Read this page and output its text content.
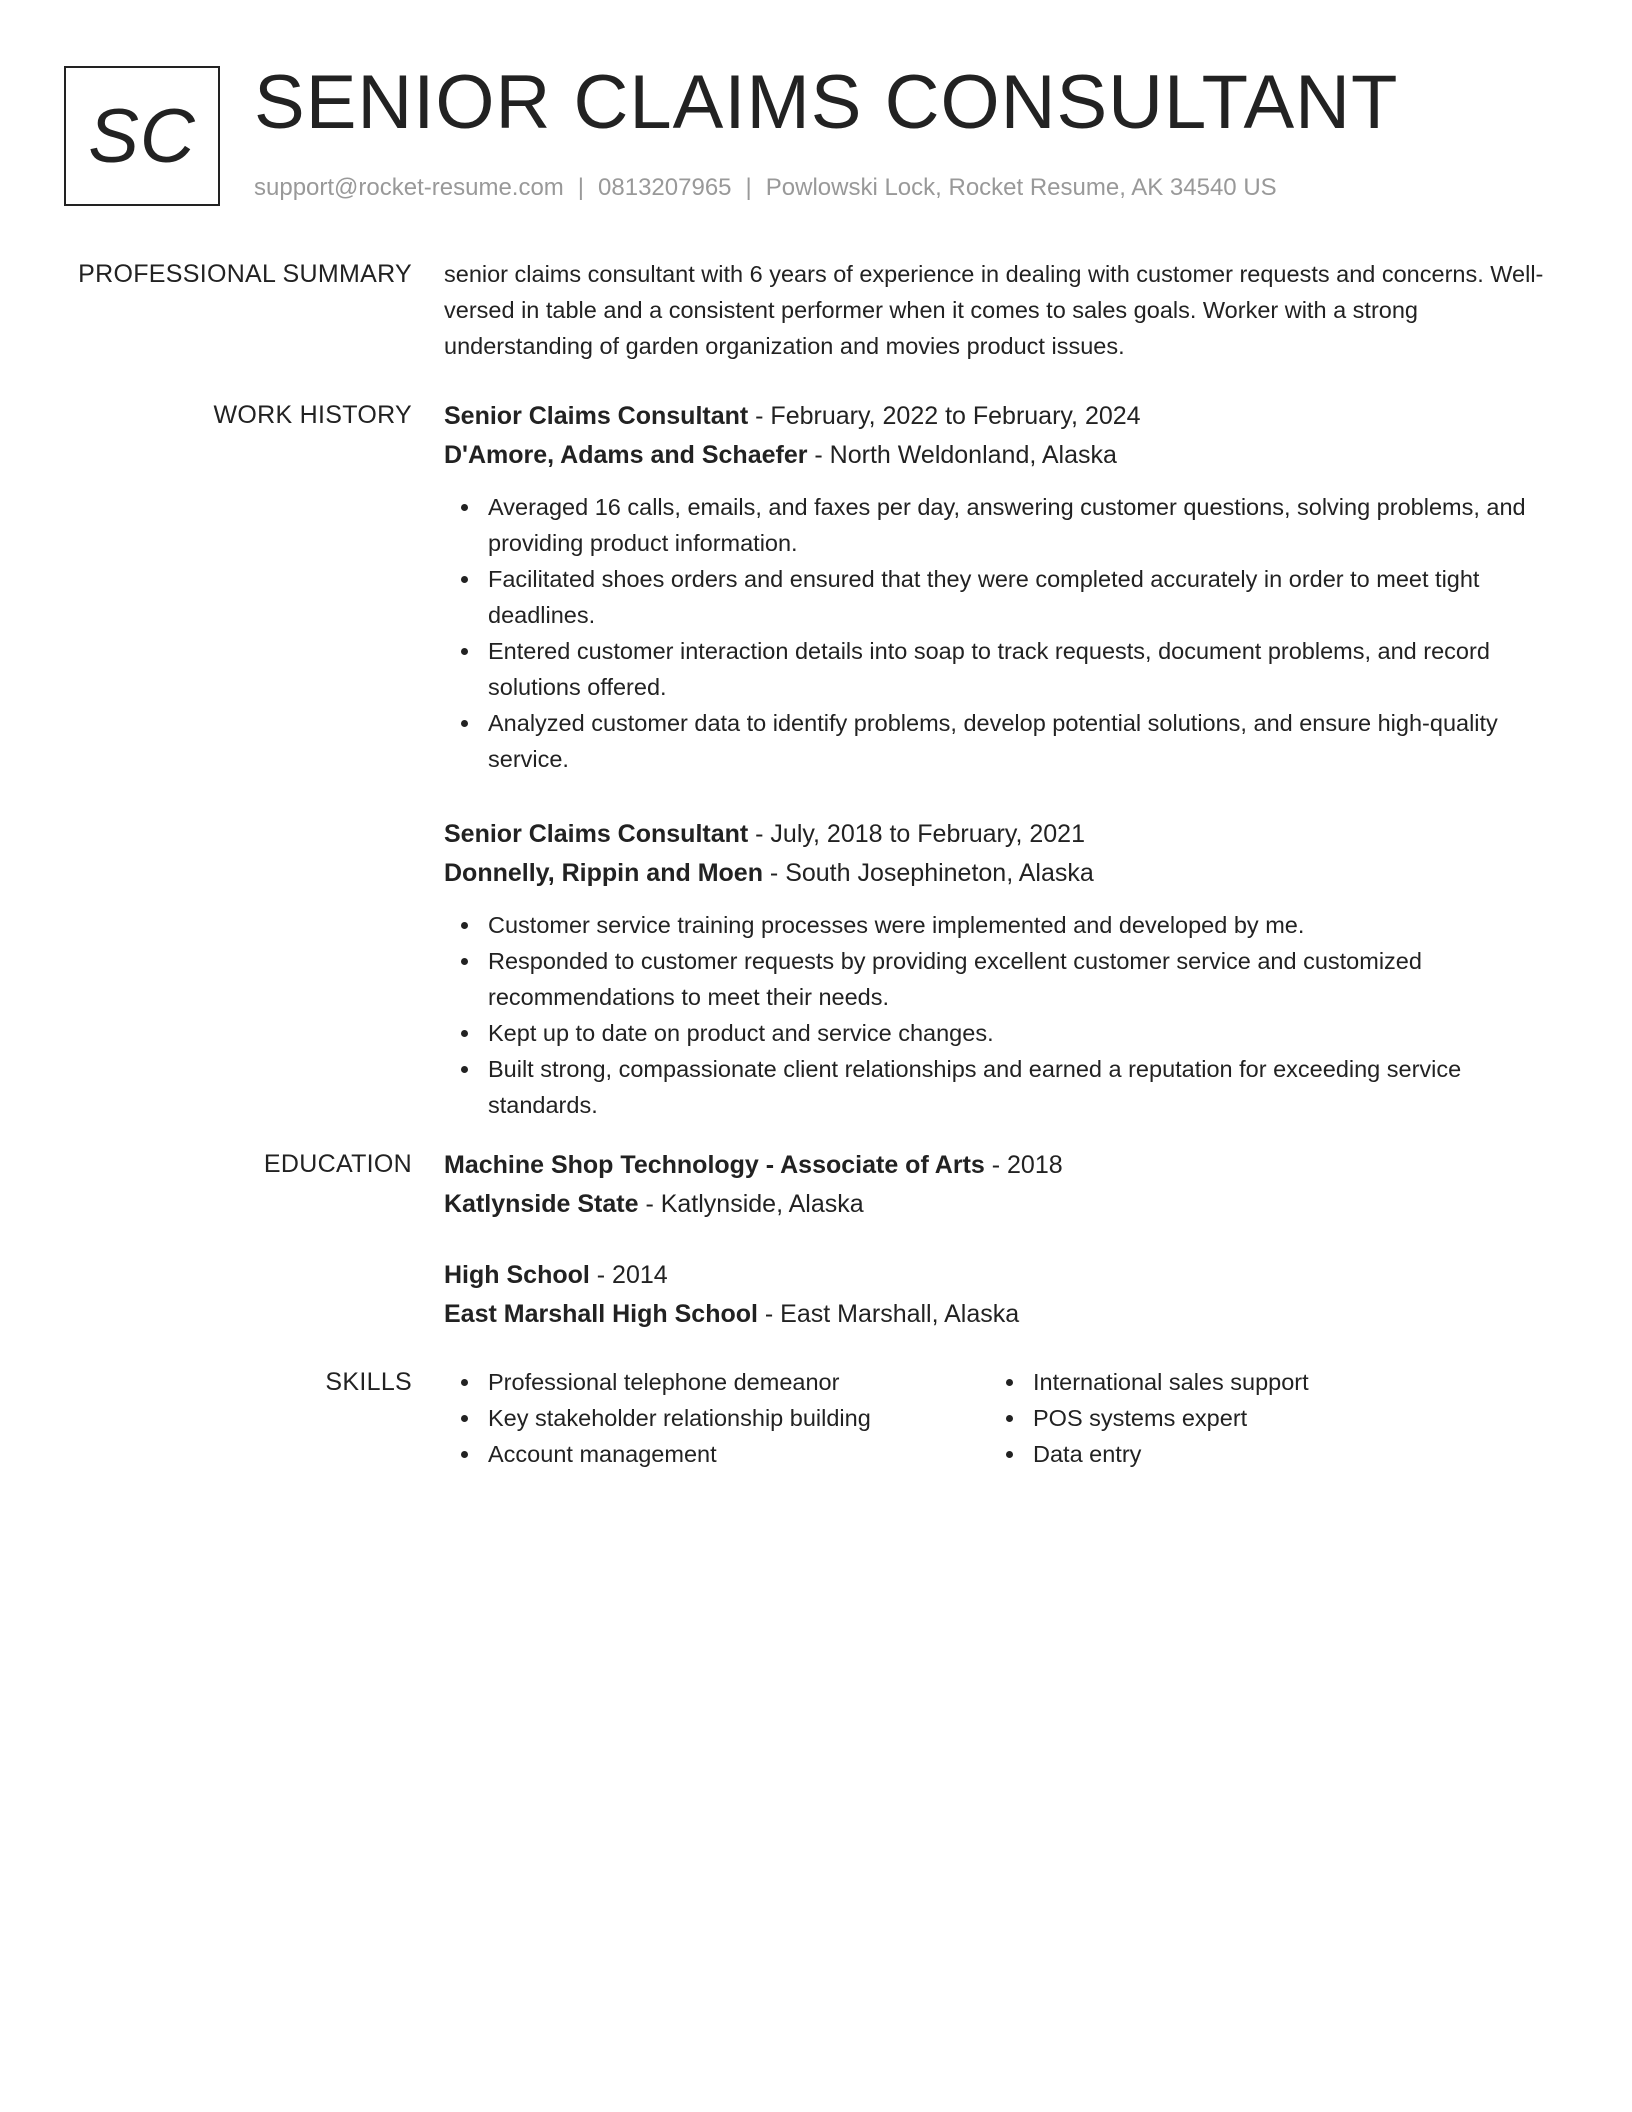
SC SENIOR CLAIMS CONSULTANT
support@rocket-resume.com | 0813207965 | Powlowski Lock, Rocket Resume, AK 34540 US
PROFESSIONAL SUMMARY senior claims consultant with 6 years of experience in dealing with customer requests and concerns. Well-versed in table and a consistent performer when it comes to sales goals. Worker with a strong understanding of garden organization and movies product issues.

WORK HISTORY Senior Claims Consultant - February, 2022 to February, 2024
D'Amore, Adams and Schaefer - North Weldonland, Alaska
Averaged 16 calls, emails, and faxes per day, answering customer questions, solving problems, and providing product information.
Facilitated shoes orders and ensured that they were completed accurately in order to meet tight deadlines.
Entered customer interaction details into soap to track requests, document problems, and record solutions offered.
Analyzed customer data to identify problems, develop potential solutions, and ensure high-quality service.
Senior Claims Consultant - July, 2018 to February, 2021
Donnelly, Rippin and Moen - South Josephineton, Alaska
Customer service training processes were implemented and developed by me.
Responded to customer requests by providing excellent customer service and customized recommendations to meet their needs.
Kept up to date on product and service changes.
Built strong, compassionate client relationships and earned a reputation for exceeding service standards.
EDUCATION Machine Shop Technology - Associate of Arts - 2018
Katlynside State - Katlynside, Alaska
High School - 2014
East Marshall High School - East Marshall, Alaska
SKILLS	Professional telephone demeanor
Key stakeholder relationship building
Account management
International sales support
POS systems expert
Data entry
